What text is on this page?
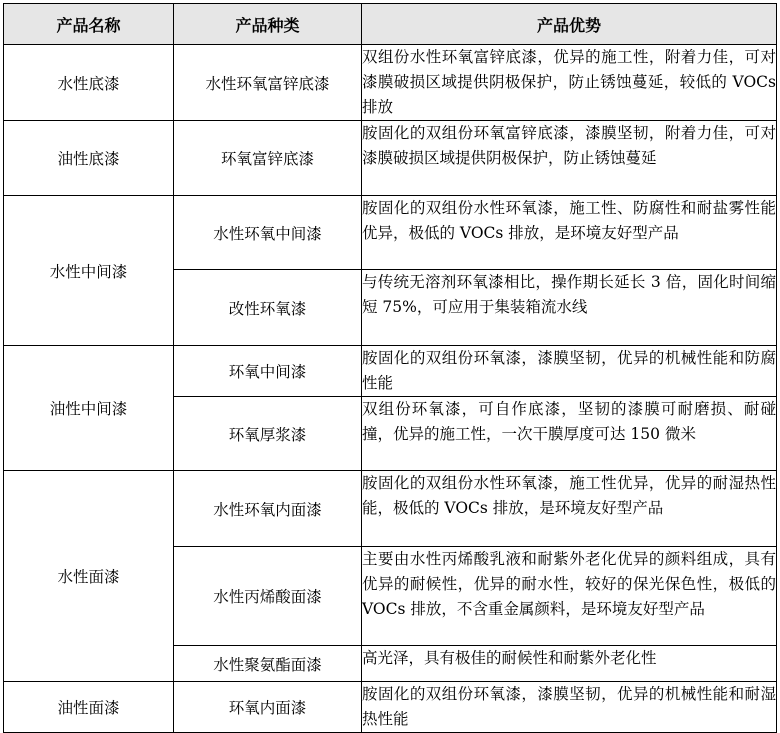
产品名称	产品种类	产品优势
水性底漆	水性环氧富锌底漆	双组份水性环氧富锌底漆，优异的施工性，附着力佳，可对漆膜破损区域提供阴极保护，防止锈蚀蔓延，较低的 VOCs 排放
油性底漆	环氧富锌底漆	胺固化的双组份环氧富锌底漆，漆膜坚韧，附着力佳，可对漆膜破损区域提供阴极保护，防止锈蚀蔓延
水性中间漆	水性环氧中间漆	胺固化的双组份水性环氧漆，施工性、防腐性和耐盐雾性能优异，极低的 VOCs 排放，是环境友好型产品
	改性环氧漆	与传统无溶剂环氧漆相比，操作期长延长 3 倍，固化时间缩短 75%，可应用于集装箱流水线
油性中间漆	环氧中间漆	胺固化的双组份环氧漆，漆膜坚韧，优异的机械性能和防腐性能
	环氧厚浆漆	双组份环氧漆，可自作底漆，坚韧的漆膜可耐磨损、耐碰撞，优异的施工性，一次干膜厚度可达 150 微米
水性面漆	水性环氧内面漆	胺固化的双组份水性环氧漆，施工性优异，优异的耐湿热性能，极低的 VOCs 排放，是环境友好型产品
	水性丙烯酸面漆	主要由水性丙烯酸乳液和耐紫外老化优异的颜料组成，具有优异的耐候性，优异的耐水性，较好的保光保色性，极低的 VOCs 排放，不含重金属颜料，是环境友好型产品
	水性聚氨酯面漆	高光泽，具有极佳的耐候性和耐紫外老化性
油性面漆	环氧内面漆	胺固化的双组份环氧漆，漆膜坚韧，优异的机械性能和耐湿热性能
